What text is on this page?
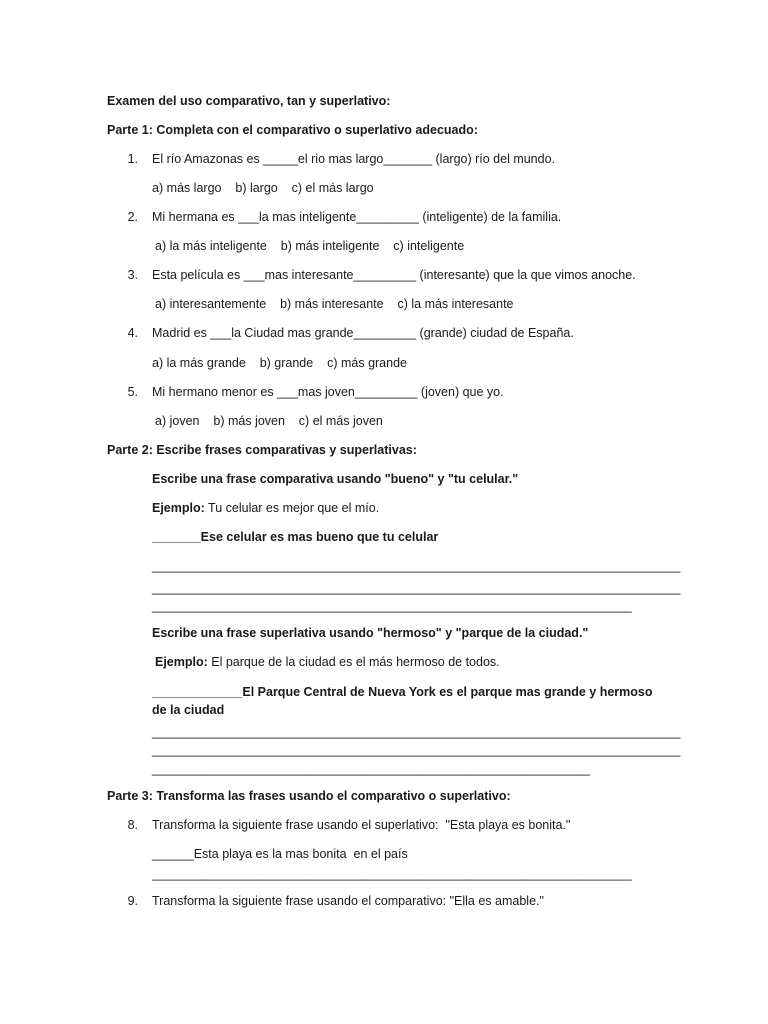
Examen del uso comparativo, tan y superlativo:
Parte 1: Completa con el comparativo o superlativo adecuado:
1. El río Amazonas es _____el rio mas largo_______ (largo) río del mundo.
a) más largo    b) largo    c) el más largo
2. Mi hermana es ___la mas inteligente_________ (inteligente) de la familia.
a) la más inteligente    b) más inteligente    c) inteligente
3. Esta película es ___mas interesante_________ (interesante) que la que vimos anoche.
a) interesantemente    b) más interesante    c) la más interesante
4. Madrid es ___la Ciudad mas grande_________ (grande) ciudad de España.
a) la más grande    b) grande    c) más grande
5. Mi hermano menor es ___mas joven_________ (joven) que yo.
a) joven    b) más joven    c) el más joven
Parte 2: Escribe frases comparativas y superlativas:
Escribe una frase comparativa usando "bueno" y "tu celular."
Ejemplo: Tu celular es mejor que el mío.
_______Ese celular es mas bueno que tu celular
____________________________________________________________________________
____________________________________________________________________________
_____________________________________________________________________
Escribe una frase superlativa usando "hermoso" y "parque de la ciudad."
Ejemplo: El parque de la ciudad es el más hermoso de todos.
_____________El Parque Central de Nueva York es el parque mas grande y hermoso de la ciudad
____________________________________________________________________________
____________________________________________________________________________
_______________________________________________________________
Parte 3: Transforma las frases usando el comparativo o superlativo:
8. Transforma la siguiente frase usando el superlativo:  "Esta playa es bonita."
______Esta playa es la mas bonita  en el país
_____________________________________________________________________
9. Transforma la siguiente frase usando el comparativo: "Ella es amable."
